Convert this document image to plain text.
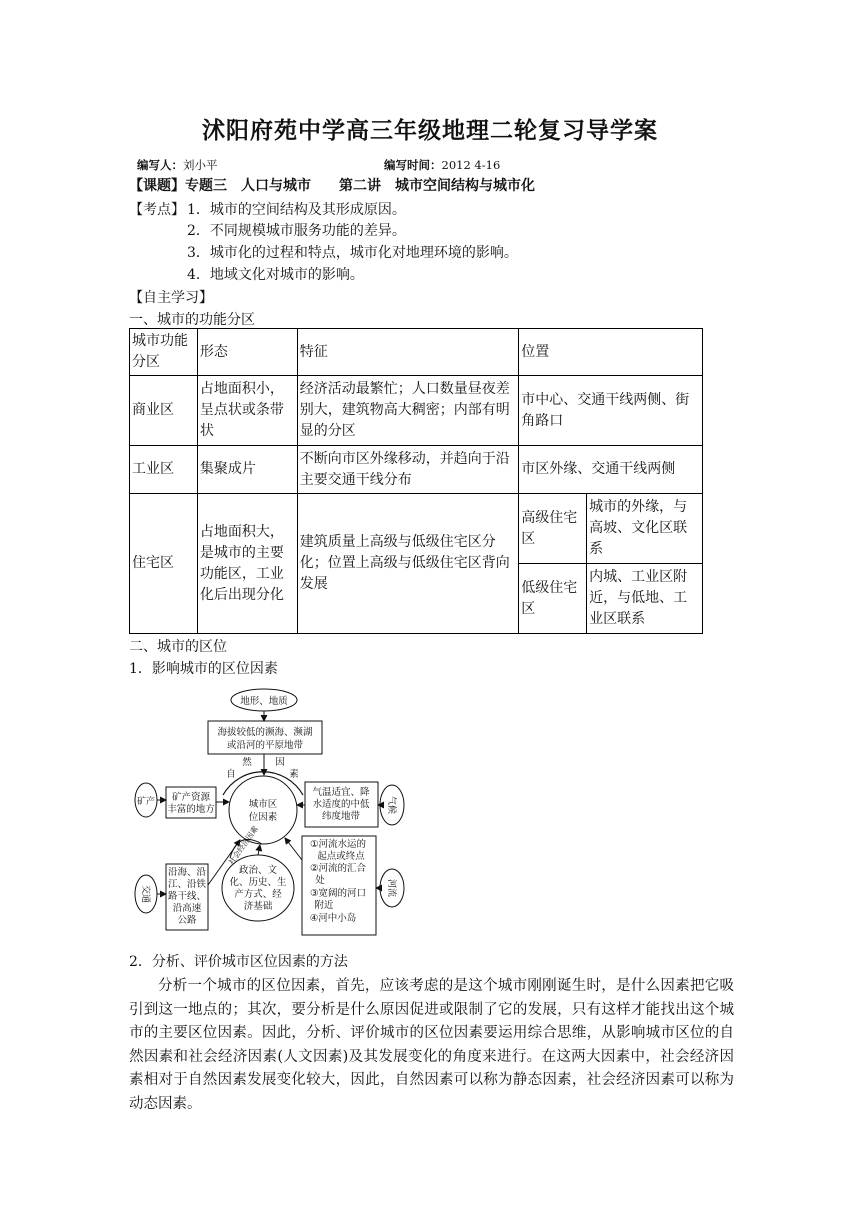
沭阳府苑中学高三年级地理二轮复习导学案
编写人：刘小平	编写时间：2012 4-16
【课题】专题三　人口与城市　　第二讲　城市空间结构与城市化
【考点】 1．城市的空间结构及其形成原因。
2．不同规模城市服务功能的差异。
3．城市化的过程和特点，城市化对地理环境的影响。
4．地域文化对城市的影响。
【自主学习】
一、城市的功能分区
城市功能分区	形态	特征	位置	
商业区	占地面积小，呈点状或条带状	经济活动最繁忙；人口数量昼夜差别大，建筑物高大稠密；内部有明显的分区	市中心、交通干线两侧、街角路口	
工业区	集聚成片	不断向市区外缘移动，并趋向于沿主要交通干线分布	市区外缘、交通干线两侧	
住宅区	占地面积大，是城市的主要功能区，工业化后出现分化	建筑质量上高级与低级住宅区分化；位置上高级与低级住宅区背向发展	高级住宅区	城市的外缘，与高坡、文化区联系
			低级住宅区	内城、工业区附近，与低地、工业区联系
二、城市的区位
1．影响城市的区位因素
地形、地质
海拔较低的濒海、濒湖
或沿河的平原地带
自
然 因
素
矿产 矿产资源
丰富的地方	城市区
位因素
气温适宜、降
水适度的中低
纬度地带
气候
社会经济因素
交通
沿海、沿
江、沿铁
路干线、
沿高速
公路
政治、文
化、历史、生
产方式、经
济基础
①河流水运的
起点或终点
②河流的汇合
处
③宽阔的河口
附近
④河中小岛
河流
2．分析、评价城市区位因素的方法
分析一个城市的区位因素，首先，应该考虑的是这个城市刚刚诞生时，是什么因素把它吸引到这一地点的；其次，要分析是什么原因促进或限制了它的发展，只有这样才能找出这个城市的主要区位因素。因此，分析、评价城市的区位因素要运用综合思维，从影响城市区位的自然因素和社会经济因素(人文因素)及其发展变化的角度来进行。在这两大因素中，社会经济因素相对于自然因素发展变化较大，因此，自然因素可以称为静态因素，社会经济因素可以称为动态因素。
